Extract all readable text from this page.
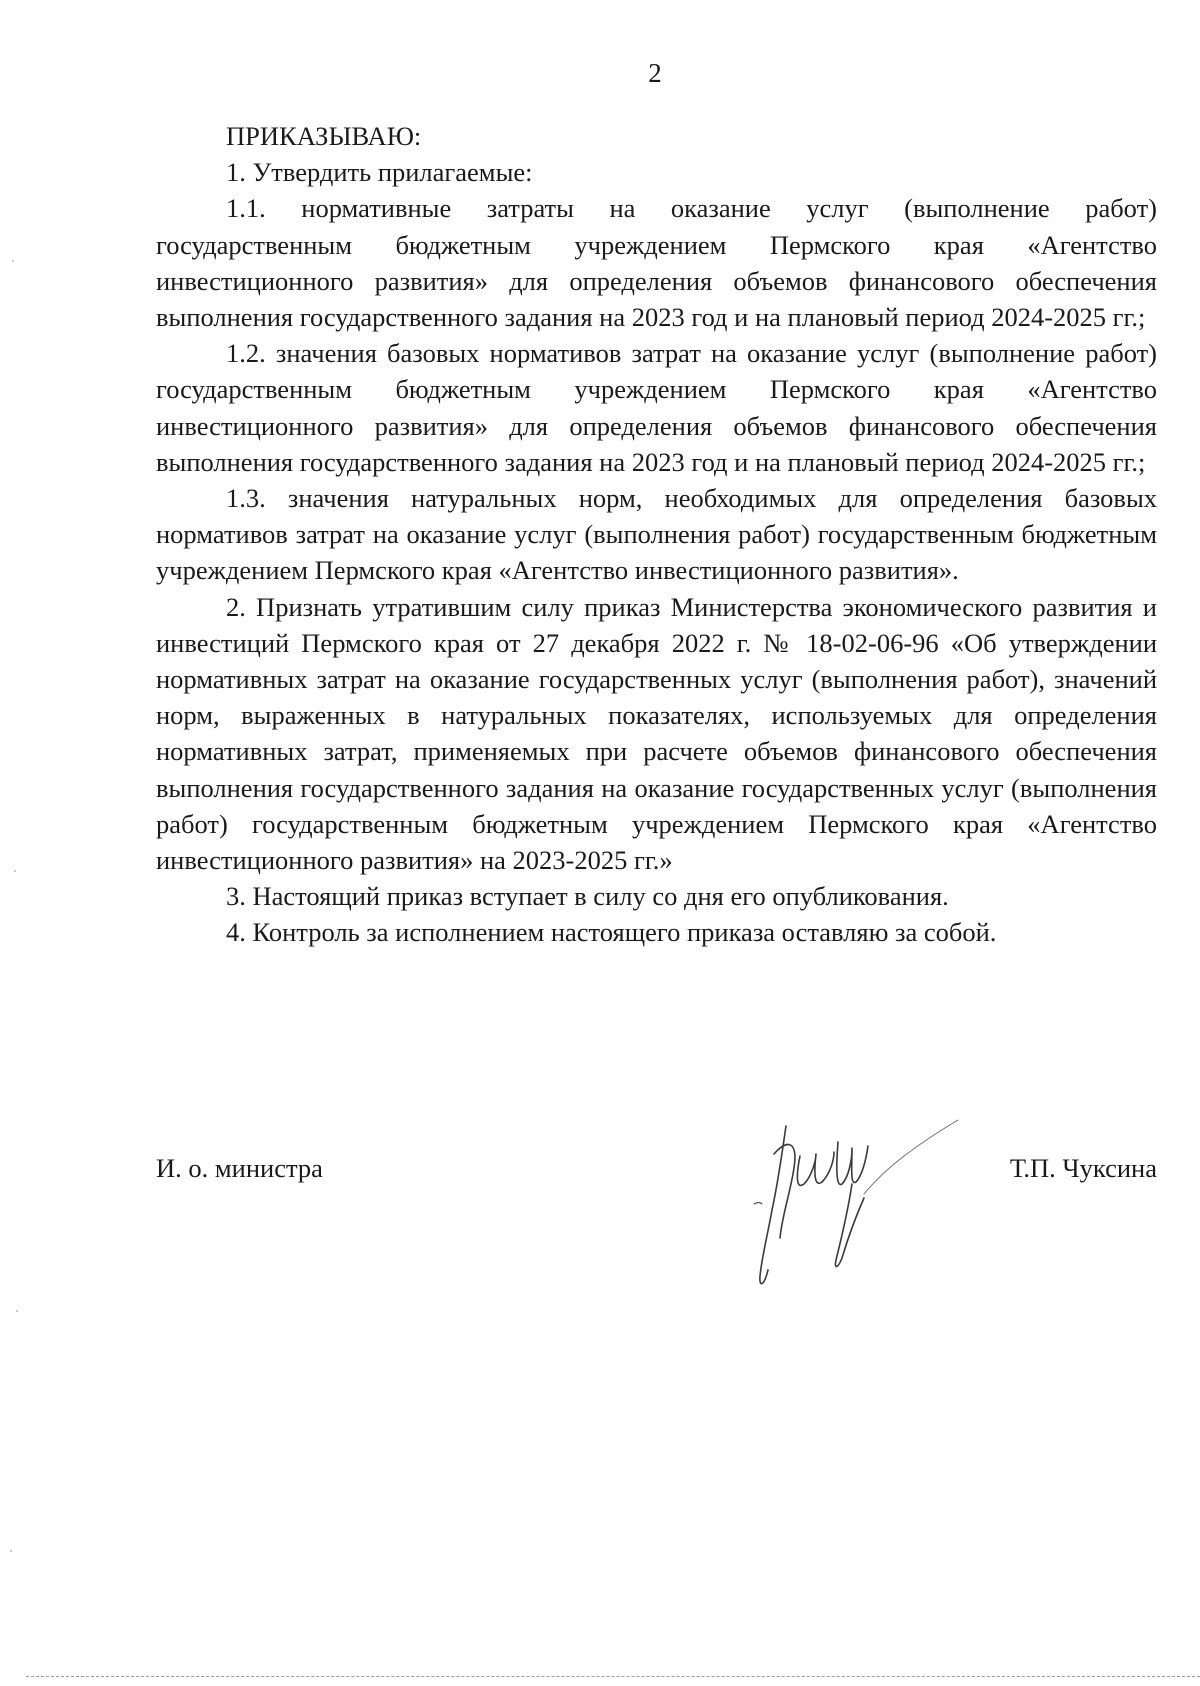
2

ПРИКАЗЫВАЮ:

1. Утвердить прилагаемые:

1.1. нормативные затраты на оказание услуг (выполнение работ) государственным бюджетным учреждением Пермского края «Агентство инвестиционного развития» для определения объемов финансового обеспечения выполнения государственного задания на 2023 год и на плановый период 2024-2025 гг.;

1.2. значения базовых нормативов затрат на оказание услуг (выполнение работ) государственным бюджетным учреждением Пермского края «Агентство инвестиционного развития» для определения объемов финансового обеспечения выполнения государственного задания на 2023 год и на плановый период 2024-2025 гг.;

1.3. значения натуральных норм, необходимых для определения базовых нормативов затрат на оказание услуг (выполнения работ) государственным бюджетным учреждением Пермского края «Агентство инвестиционного развития».

2. Признать утратившим силу приказ Министерства экономического развития и инвестиций Пермского края от 27 декабря 2022 г. № 18-02-06-96 «Об утверждении нормативных затрат на оказание государственных услуг (выполнения работ), значений норм, выраженных в натуральных показателях, используемых для определения нормативных затрат, применяемых при расчете объемов финансового обеспечения выполнения государственного задания на оказание государственных услуг (выполнения работ) государственным бюджетным учреждением Пермского края «Агентство инвестиционного развития» на 2023-2025 гг.»

3. Настоящий приказ вступает в силу со дня его опубликования.

4. Контроль за исполнением настоящего приказа оставляю за собой.

И. о. министра	Т.П. Чуксина
